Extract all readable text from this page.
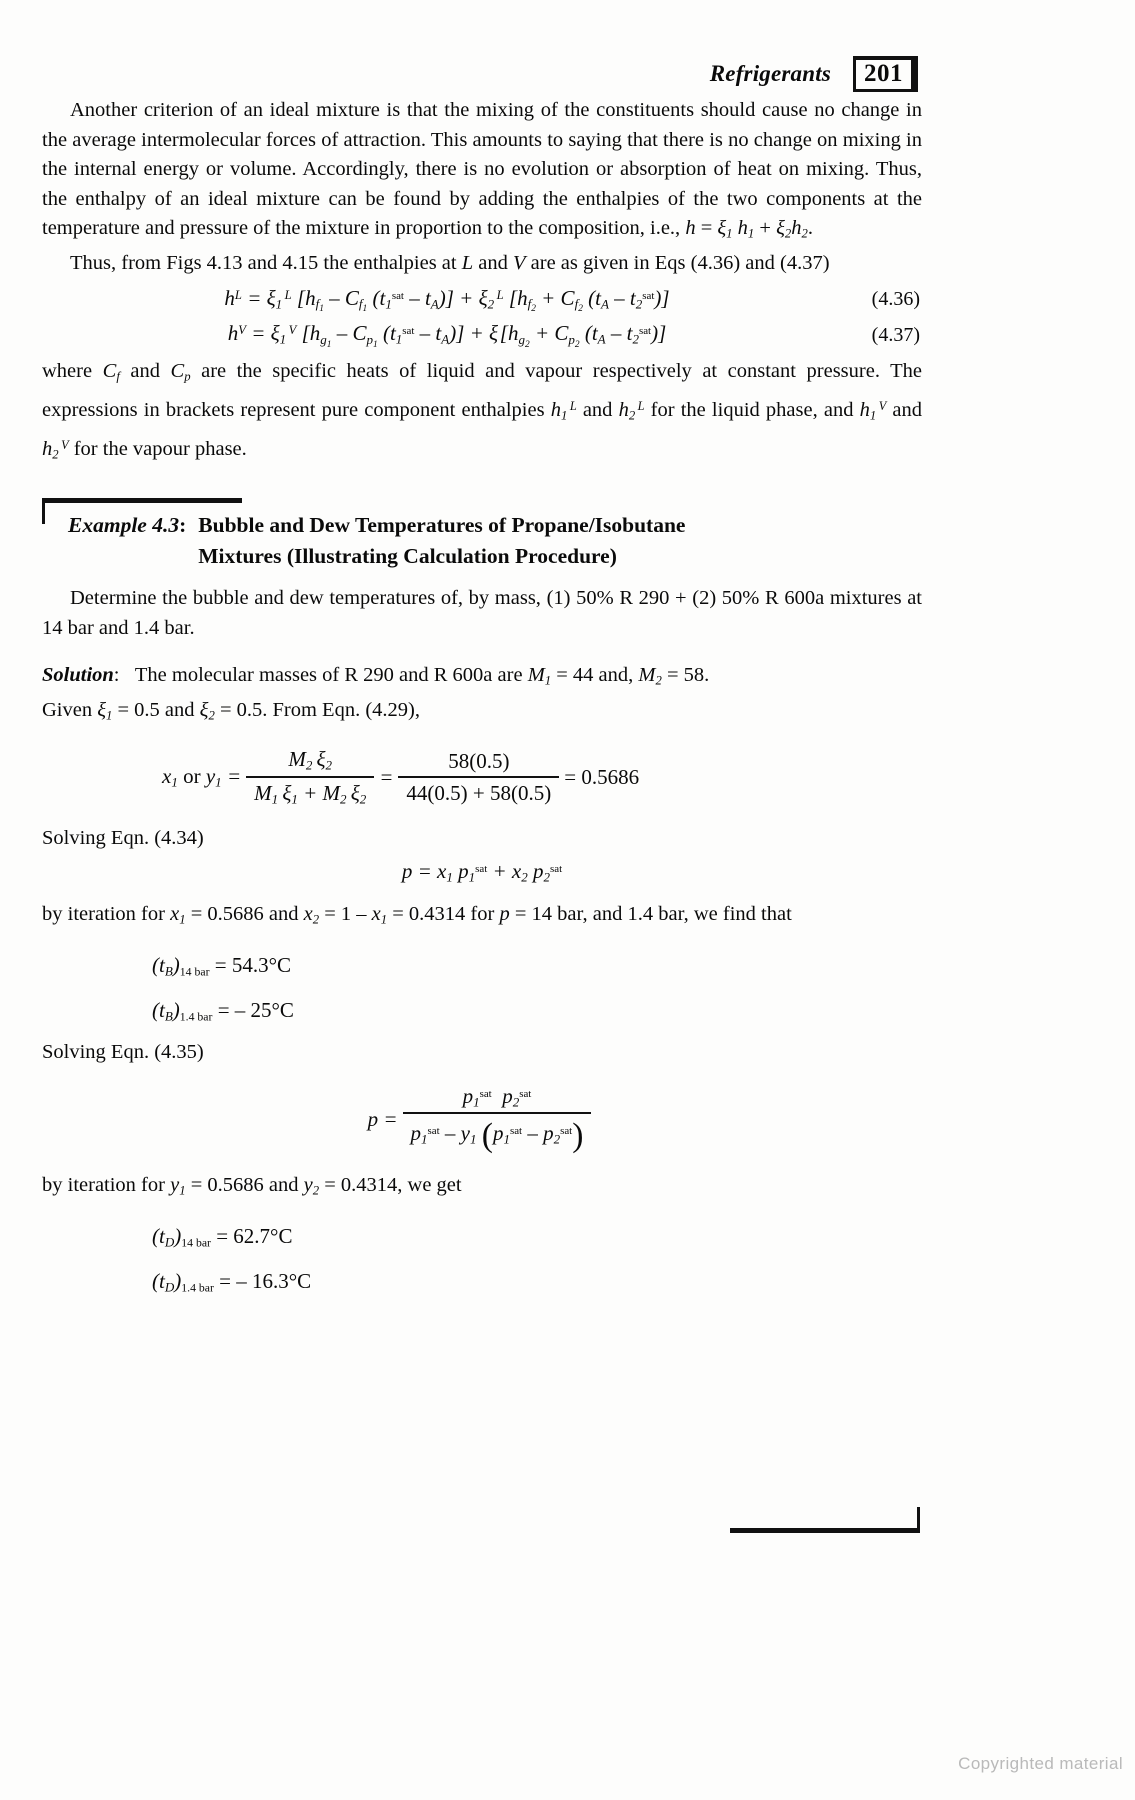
Refrigerants	201

Another criterion of an ideal mixture is that the mixing of the constituents should cause no change in the average intermolecular forces of attraction. This amounts to saying that there is no change on mixing in the internal energy or volume. Accordingly, there is no evolution or absorption of heat on mixing. Thus, the enthalpy of an ideal mixture can be found by adding the enthalpies of the two components at the temperature and pressure of the mixture in proportion to the composition, i.e., $h = \xi_1$ $h_1 + \xi_2h_2$.

Thus, from Figs 4.13 and 4.15 the enthalpies at L and V are as given in Eqs (4.36) and (4.37)

$h^L = \xi_1$ $^L$ [$hf_1 - Cf_1$ $(t_1^{sat} - t_A)] + \xi_2$ $^L$ [$hf_2 + Cf_2$ $(t_A - t_2^{sat})$]	(4.36)
$h^V = \xi_1$ $^V$ [$hg_1 - Cp_1$ $(t_1^{sat} - t_A)] + \xi$ [$hg_2 + Cp_2$ $(t_A - t_2^{sat})$]	(4.37)

where $C_f$ and $C_p$ are the specific heats of liquid and vapour respectively at constant pressure. The expressions in brackets represent pure component enthalpies $h_1$ $^L$ and $h_2$ $^L$ for the liquid phase, and $h_1$ $^V$ and $h_2$ $^V$ for the vapour phase.

Example 4.3: Bubble and Dew Temperatures of Propane/Isobutane
Mixtures (Illustrating Calculation Procedure)

Determine the bubble and dew temperatures of, by mass, (1) 50% R 290 + (2) 50% R 600a mixtures at 14 bar and 1.4 bar.

Solution: The molecular masses of R 290 and R 600a are $M_1 = 44$ and, $M_2 = 58$.

Given $\xi_1 = 0.5$ and $\xi_2 = 0.5$. From Eqn. (4.29),

$x_1$ or $y_1 = \frac{M_2 \xi_2}{M_1 \xi_1 + M_2 \xi_2} = \frac{58(0.5)}{44(0.5) + 58(0.5)} = 0.5686$

Solving Eqn. (4.34)

$p = x_1$ $p_1^{sat} + x_2$ $p_2^{sat}$

by iteration for $x_1 = 0.5686$ and $x_2 = 1 - x_1 = 0.4314$ for p = 14 bar, and 1.4 bar, we find that

$(t_B)14$ bar = 54.3°C
$(t_B)1.4$ bar = – 25°C

Solving Eqn. (4.35)

$p = \frac{p_1^{sat} p_2^{sat}}{p_1^{sat} - y_1 (p_1^{sat} - p_2^{sat})}$

by iteration for $y_1 = 0.5686$ and $y_2 = 0.4314$, we get

$(t_D)14$ bar = 62.7°C
$(t_D)1.4$ bar = – 16.3°C
Copyrighted material
